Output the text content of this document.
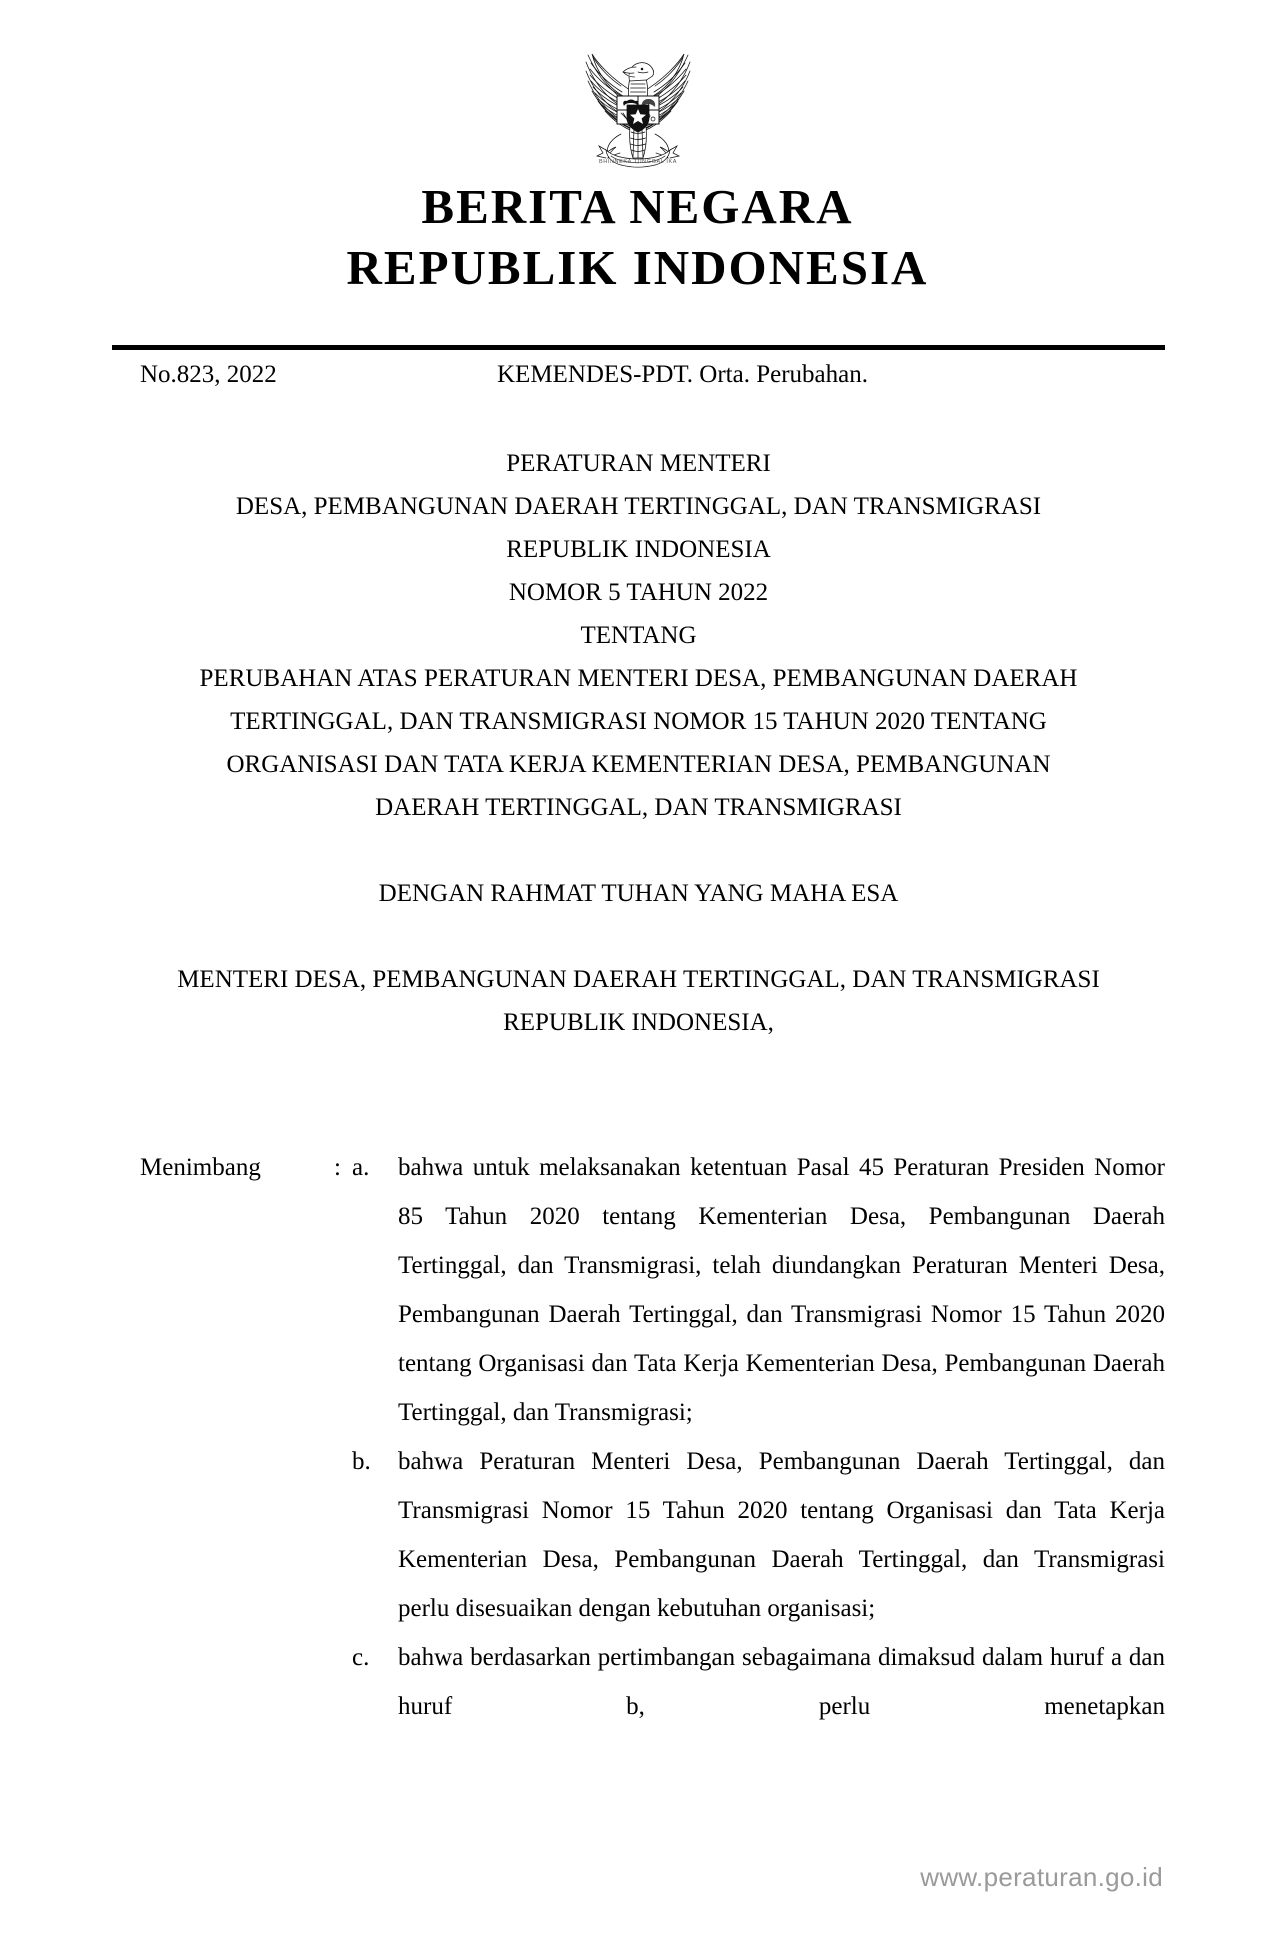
BHINNEKA TUNGGAL IKA
BERITA NEGARA
REPUBLIK INDONESIA
No.823, 2022	KEMENDES-PDT. Orta. Perubahan.
PERATURAN MENTERI
DESA, PEMBANGUNAN DAERAH TERTINGGAL, DAN TRANSMIGRASI
REPUBLIK INDONESIA
NOMOR 5 TAHUN 2022
TENTANG
PERUBAHAN ATAS PERATURAN MENTERI DESA, PEMBANGUNAN DAERAH
TERTINGGAL, DAN TRANSMIGRASI NOMOR 15 TAHUN 2020 TENTANG
ORGANISASI DAN TATA KERJA KEMENTERIAN DESA, PEMBANGUNAN
DAERAH TERTINGGAL, DAN TRANSMIGRASI
DENGAN RAHMAT TUHAN YANG MAHA ESA
MENTERI DESA, PEMBANGUNAN DAERAH TERTINGGAL, DAN TRANSMIGRASI
REPUBLIK INDONESIA,
Menimbang	: a.	bahwa untuk melaksanakan ketentuan Pasal 45 Peraturan Presiden Nomor 85 Tahun 2020 tentang Kementerian Desa, Pembangunan Daerah Tertinggal, dan Transmigrasi, telah diundangkan Peraturan Menteri Desa, Pembangunan Daerah Tertinggal, dan Transmigrasi Nomor 15 Tahun 2020 tentang Organisasi dan Tata Kerja Kementerian Desa, Pembangunan Daerah Tertinggal, dan Transmigrasi;
b.	bahwa Peraturan Menteri Desa, Pembangunan Daerah Tertinggal, dan Transmigrasi Nomor 15 Tahun 2020 tentang Organisasi dan Tata Kerja Kementerian Desa, Pembangunan Daerah Tertinggal, dan Transmigrasi perlu disesuaikan dengan kebutuhan organisasi;
c.	bahwa berdasarkan pertimbangan sebagaimana dimaksud dalam huruf a dan huruf b, perlu menetapkan
www.peraturan.go.id
